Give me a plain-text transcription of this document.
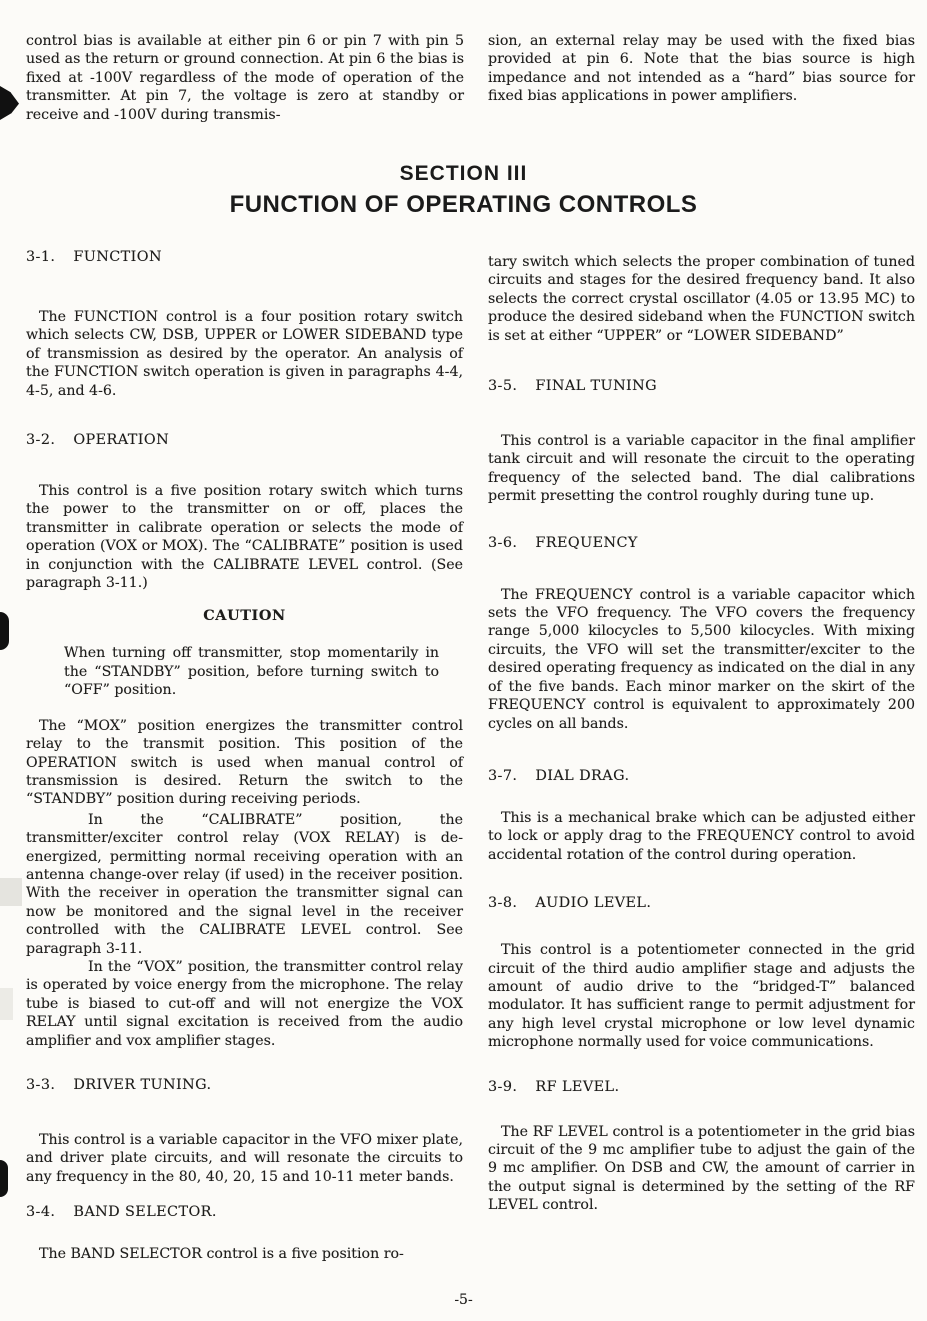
control bias is available at either pin 6 or pin 7 with pin 5 used as the return or ground connection. At pin 6 the bias is fixed at -100V regardless of the mode of operation of the transmitter. At pin 7, the voltage is zero at standby or receive and -100V during transmis-

sion, an external relay may be used with the fixed bias provided at pin 6. Note that the bias source is high impedance and not intended as a “hard” bias source for fixed bias applications in power amplifiers.

SECTION III
FUNCTION OF OPERATING CONTROLS
3-1. FUNCTION

The FUNCTION control is a four position rotary switch which selects CW, DSB, UPPER or LOWER SIDEBAND type of transmission as desired by the operator. An analysis of the FUNCTION switch operation is given in paragraphs 4-4, 4-5, and 4-6.

3-2. OPERATION

This control is a five position rotary switch which turns the power to the transmitter on or off, places the transmitter in calibrate operation or selects the mode of operation (VOX or MOX). The “CALIBRATE” position is used in conjunction with the CALIBRATE LEVEL control. (See paragraph 3-11.)

CAUTION

When turning off transmitter, stop momentarily in the “STANDBY” position, before turning switch to “OFF” position.

The “MOX” position energizes the transmitter control relay to the transmit position. This position of the OPERATION switch is used when manual control of transmission is desired. Return the switch to the “STANDBY” position during receiving periods.

In the “CALIBRATE” position, the transmitter/exciter control relay (VOX RELAY) is de-energized, permitting normal receiving operation with an antenna change-over relay (if used) in the receiver position. With the receiver in operation the transmitter signal can now be monitored and the signal level in the receiver controlled with the CALIBRATE LEVEL control. See paragraph 3-11.

In the “VOX” position, the transmitter control relay is operated by voice energy from the microphone. The relay tube is biased to cut-off and will not energize the VOX RELAY until signal excitation is received from the audio amplifier and vox amplifier stages.

3-3. DRIVER TUNING.

This control is a variable capacitor in the VFO mixer plate, and driver plate circuits, and will resonate the circuits to any frequency in the 80, 40, 20, 15 and 10-11 meter bands.

3-4. BAND SELECTOR.

The BAND SELECTOR control is a five position ro-

tary switch which selects the proper combination of tuned circuits and stages for the desired frequency band. It also selects the correct crystal oscillator (4.05 or 13.95 MC) to produce the desired sideband when the FUNCTION switch is set at either “UPPER” or “LOWER SIDEBAND”

3-5. FINAL TUNING

This control is a variable capacitor in the final amplifier tank circuit and will resonate the circuit to the operating frequency of the selected band. The dial calibrations permit presetting the control roughly during tune up.

3-6. FREQUENCY

The FREQUENCY control is a variable capacitor which sets the VFO frequency. The VFO covers the frequency range 5,000 kilocycles to 5,500 kilocycles. With mixing circuits, the VFO will set the transmitter/exciter to the desired operating frequency as indicated on the dial in any of the five bands. Each minor marker on the skirt of the FREQUENCY control is equivalent to approximately 200 cycles on all bands.

3-7. DIAL DRAG.

This is a mechanical brake which can be adjusted either to lock or apply drag to the FREQUENCY control to avoid accidental rotation of the control during operation.

3-8. AUDIO LEVEL.

This control is a potentiometer connected in the grid circuit of the third audio amplifier stage and adjusts the amount of audio drive to the “bridged-T” balanced modulator. It has sufficient range to permit adjustment for any high level crystal microphone or low level dynamic microphone normally used for voice communications.

3-9. RF LEVEL.

The RF LEVEL control is a potentiometer in the grid bias circuit of the 9 mc amplifier tube to adjust the gain of the 9 mc amplifier. On DSB and CW, the amount of carrier in the output signal is determined by the setting of the RF LEVEL control.

-5-
